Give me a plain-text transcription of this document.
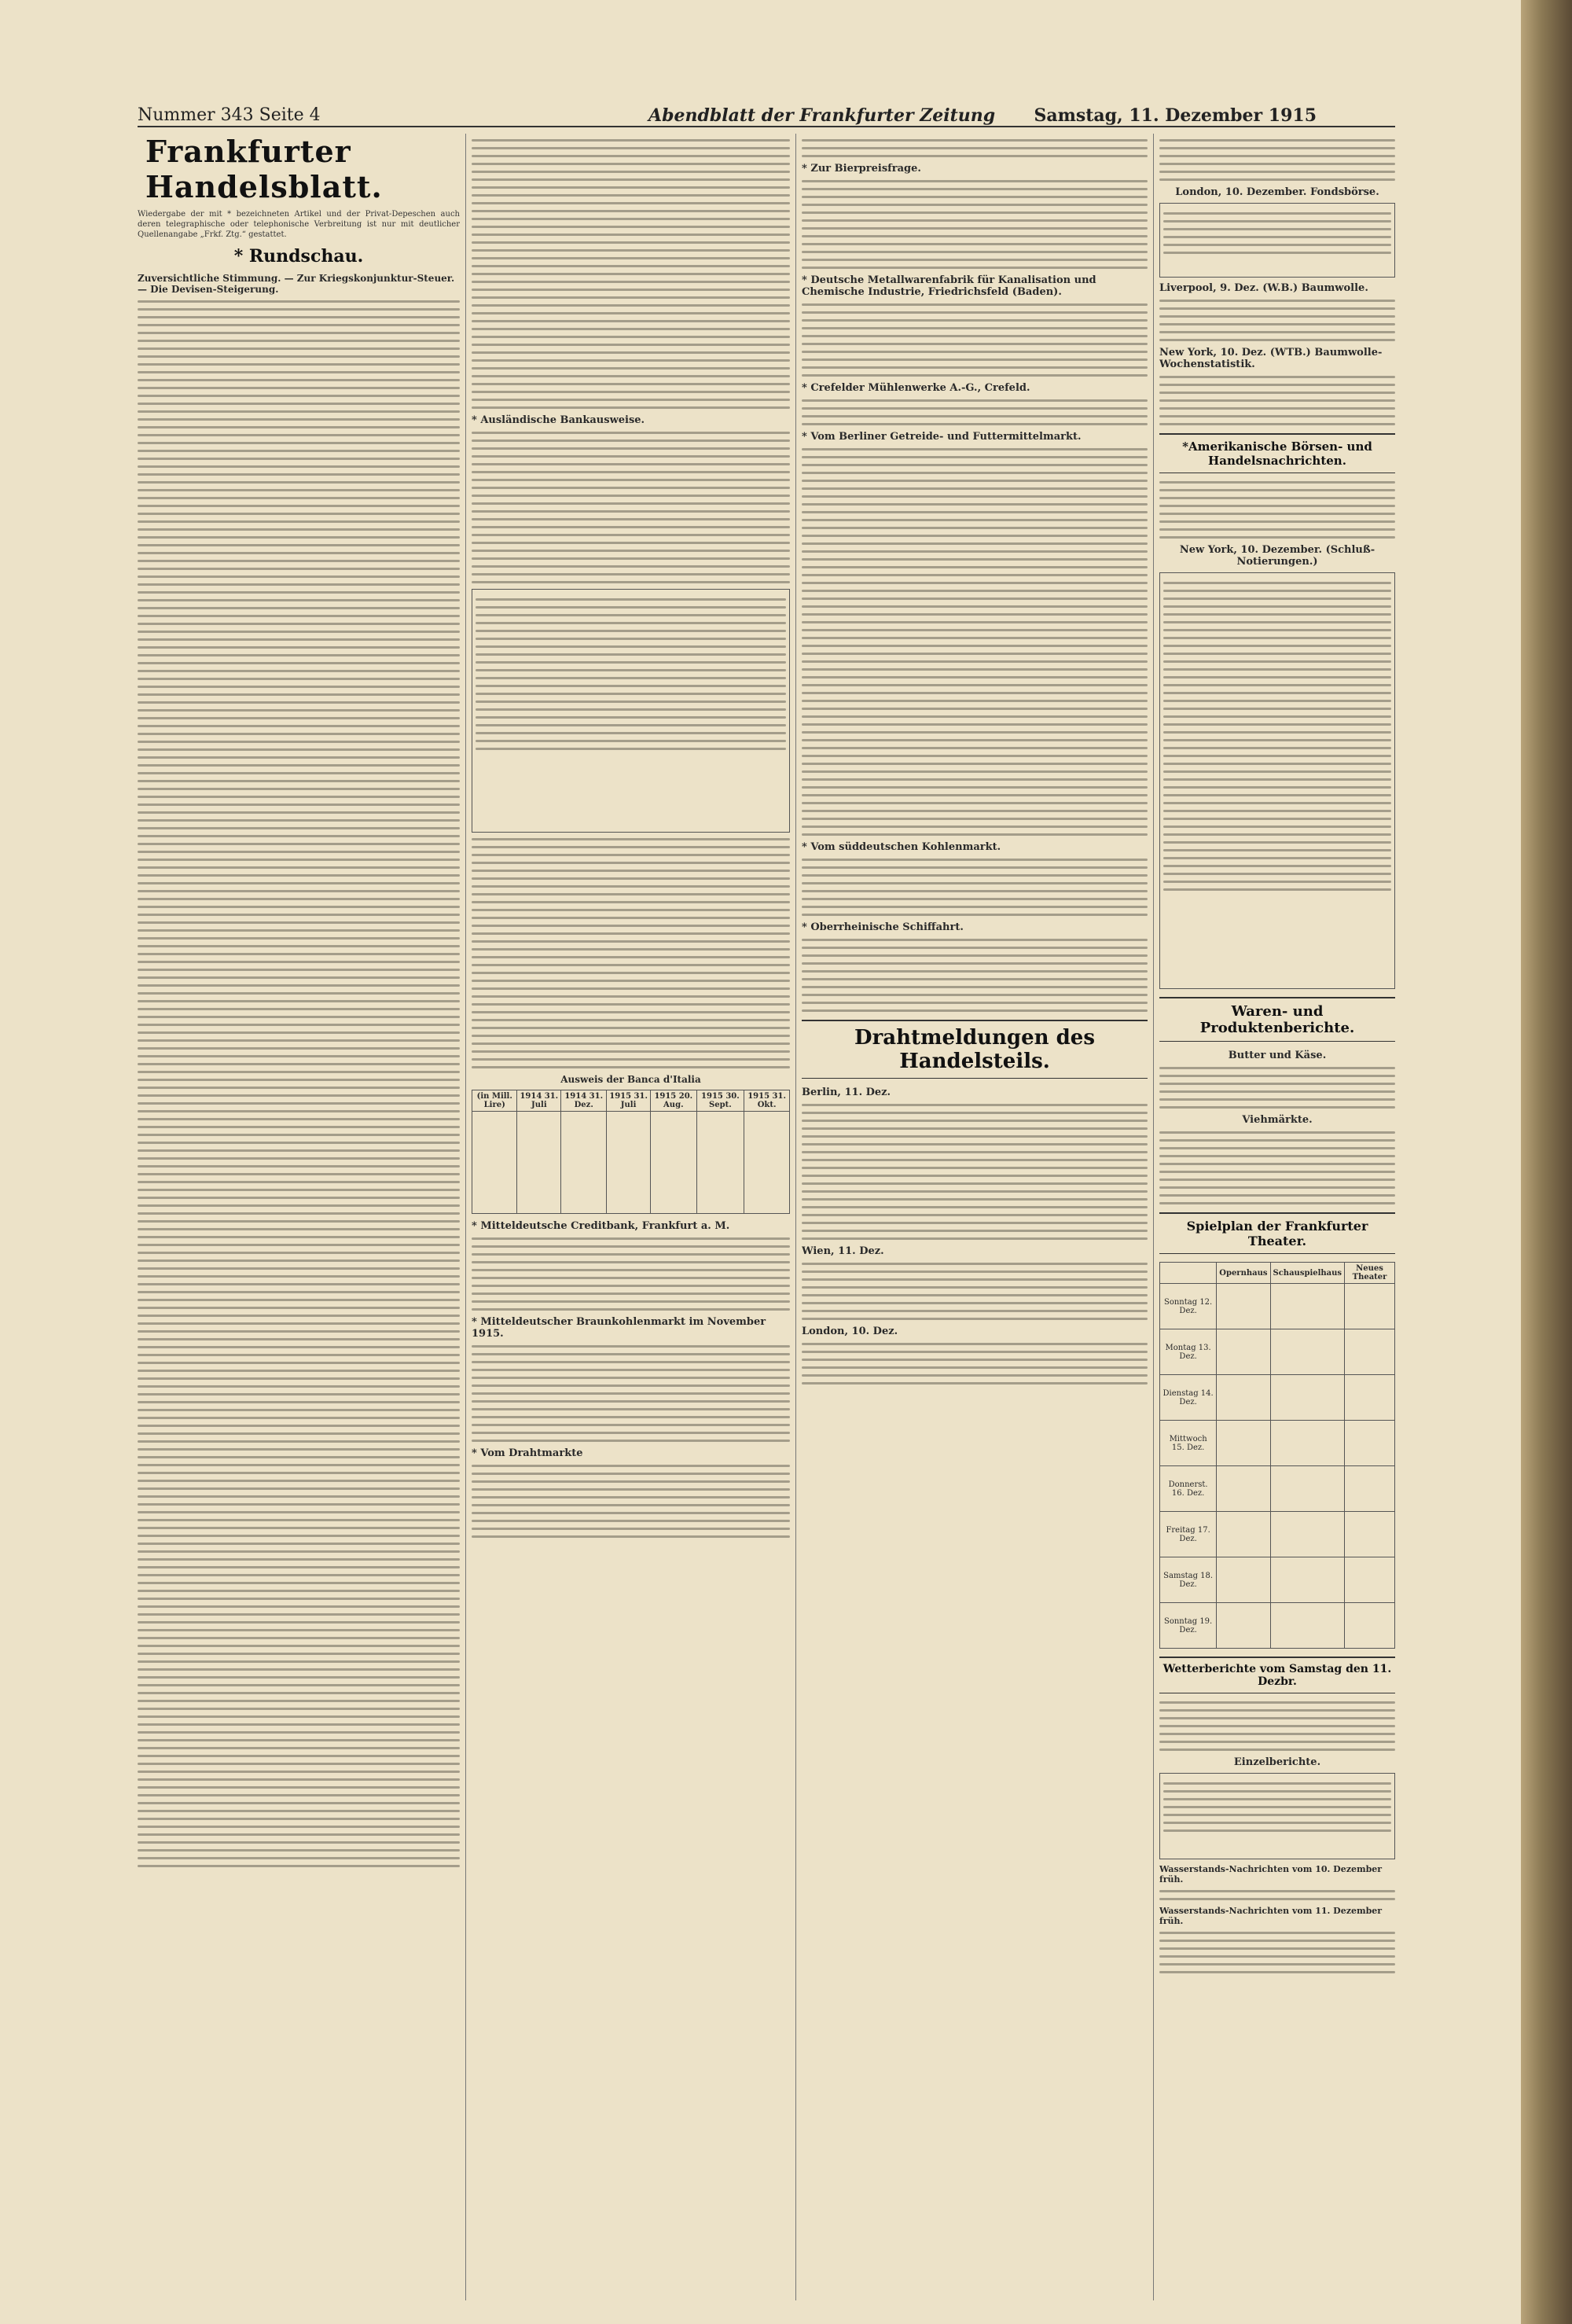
Nummer 343 Seite 4	Abendblatt der Frankfurter Zeitung Samstag, 11. Dezember 1915
Frankfurter Handelsblatt.
Wiedergabe der mit * bezeichneten Artikel und der Privat-Depeschen auch deren telegraphische oder telephonische Verbreitung ist nur mit deutlicher Quellenangabe „Frkf. Ztg.“ gestattet.
* Rundschau.
Zuversichtliche Stimmung. — Zur Kriegskonjunktur-Steuer. — Die Devisen-Steigerung.
* Ausländische Bankausweise.
Ausweis der Banca d'Italia
(in Mill. Lire)	1914 31. Juli	1914 31. Dez.	1915 31. Juli	1915 20. Aug.	1915 30. Sept.	1915 31. Okt.

* Mitteldeutsche Creditbank, Frankfurt a. M.
* Mitteldeutscher Braunkohlenmarkt im November 1915.
* Vom Drahtmarkte
* Zur Bierpreisfrage.
* Deutsche Metallwarenfabrik für Kanalisation und Chemische Industrie, Friedrichsfeld (Baden).
* Crefelder Mühlenwerke A.-G., Crefeld.
* Vom Berliner Getreide- und Futtermittelmarkt.
* Vom süddeutschen Kohlenmarkt.
* Oberrheinische Schiffahrt.
Drahtmeldungen des Handelsteils.
Berlin, 11. Dez.
Wien, 11. Dez.
London, 10. Dez.
London, 10. Dezember. Fondsbörse.
Liverpool, 9. Dez. (W.B.) Baumwolle.
New York, 10. Dez. (WTB.) Baumwolle-Wochenstatistik.
*Amerikanische Börsen- und Handelsnachrichten.
New York, 10. Dezember. (Schluß-Notierungen.)
Waren- und Produktenberichte.
Butter und Käse.
Viehmärkte.
Spielplan der Frankfurter Theater.
	Opernhaus	Schauspielhaus	Neues Theater
Sonntag 12. Dez.			
Montag 13. Dez.			
Dienstag 14. Dez.			
Mittwoch 15. Dez.			
Donnerst. 16. Dez.			
Freitag 17. Dez.			
Samstag 18. Dez.			
Sonntag 19. Dez.			
Wetterberichte vom Samstag den 11. Dezbr.
Einzelberichte.
Wasserstands-Nachrichten vom 10. Dezember früh.
Wasserstands-Nachrichten vom 11. Dezember früh.
